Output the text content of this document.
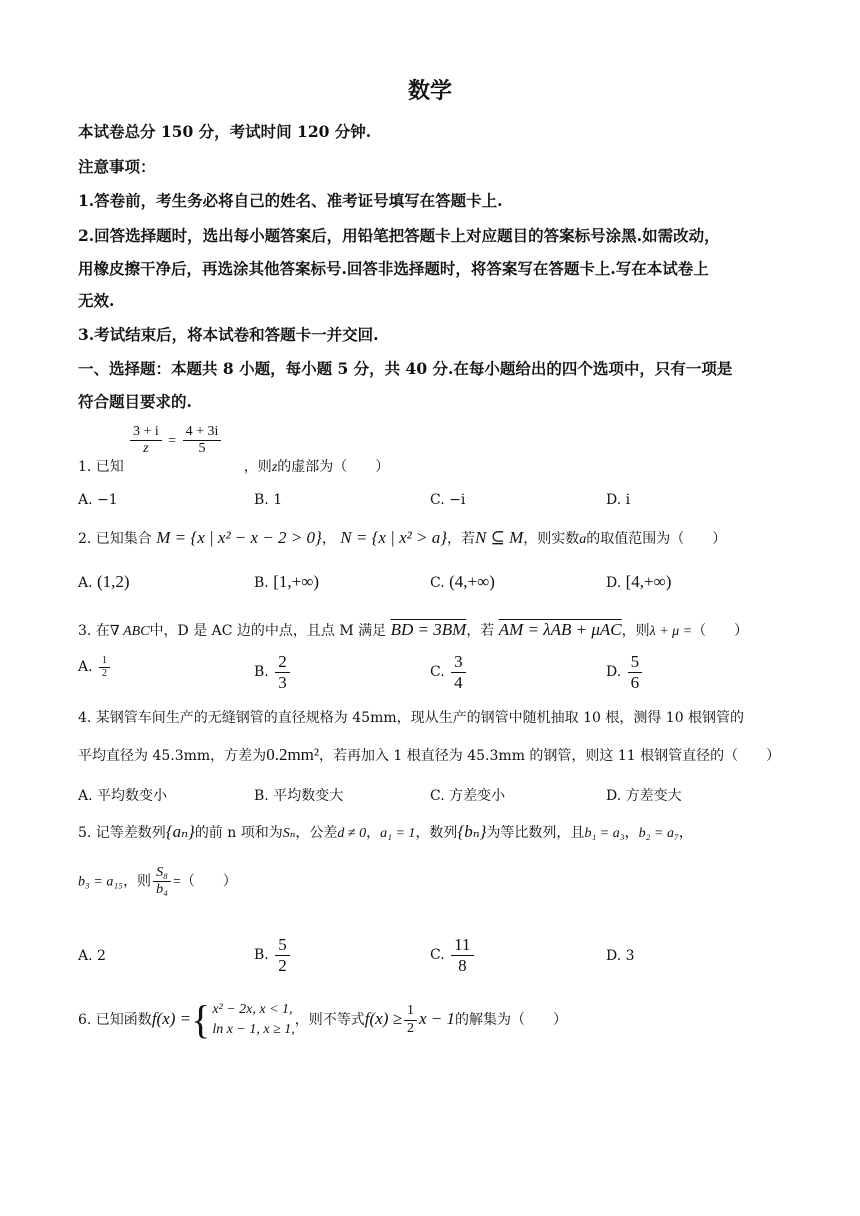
数学
本试卷总分 150 分，考试时间 120 分钟.
注意事项：
1.答卷前，考生务必将自己的姓名、准考证号填写在答题卡上.
2.回答选择题时，选出每小题答案后，用铅笔把答题卡上对应题目的答案标号涂黑.如需改动，
用橡皮擦干净后，再选涂其他答案标号.回答非选择题时，将答案写在答题卡上.写在本试卷上
无效.
3.考试结束后，将本试卷和答题卡一并交回.
一、选择题：本题共 8 小题，每小题 5 分，共 40 分.在每小题给出的四个选项中，只有一项是
符合题目要求的.
$\frac{3 + i}{z} = \frac{4 + 3i}{5}$
1. 已知	，则z的虚部为（　　）
A. −1	B. 1	C. −i	D. i
2. 已知集合 M = {x | x² − x − 2 > 0}， N = {x | x² > a}，若N ⊆ M，则实数a的取值范围为（　　）
A. (1,2)	B. [1,+∞)	C. (4,+∞)	D. [4,+∞)
3. 在∇ ABC中，D 是 AC 边的中点，且点 M 满足 BD = 3BM，若 AM = λAB + μAC，则λ + μ =（　　）
A. $\frac{1}{2}$	B. $\frac{2}{3}$	C. $\frac{3}{4}$	D. $\frac{5}{6}$
4. 某钢管车间生产的无缝钢管的直径规格为 45mm，现从生产的钢管中随机抽取 10 根，测得 10 根钢管的
平均直径为 45.3mm，方差为0.2mm²，若再加入 1 根直径为 45.3mm 的钢管，则这 11 根钢管直径的（　　）
A. 平均数变小	B. 平均数变大	C. 方差变小	D. 方差变大
5. 记等差数列{aₙ}的前 n 项和为Sₙ，公差d ≠ 0，a₁ = 1，数列{bₙ}为等比数列，且b₁ = a₃，b₂ = a₇，
b₃ = a₁₅，则 $\frac{\text{S₈}}{\text{b₄}}$ =（　　）
A. 2	B. $\frac{5}{2}$	C. $\frac{11}{8}$	D. 3
6. 已知函数f(x) = { x² − 2x, x < 1,
ln x − 1, x ≥ 1,
，则不等式$f(x) \ge \frac{1}{2}$ x − 1的解集为（　　）
